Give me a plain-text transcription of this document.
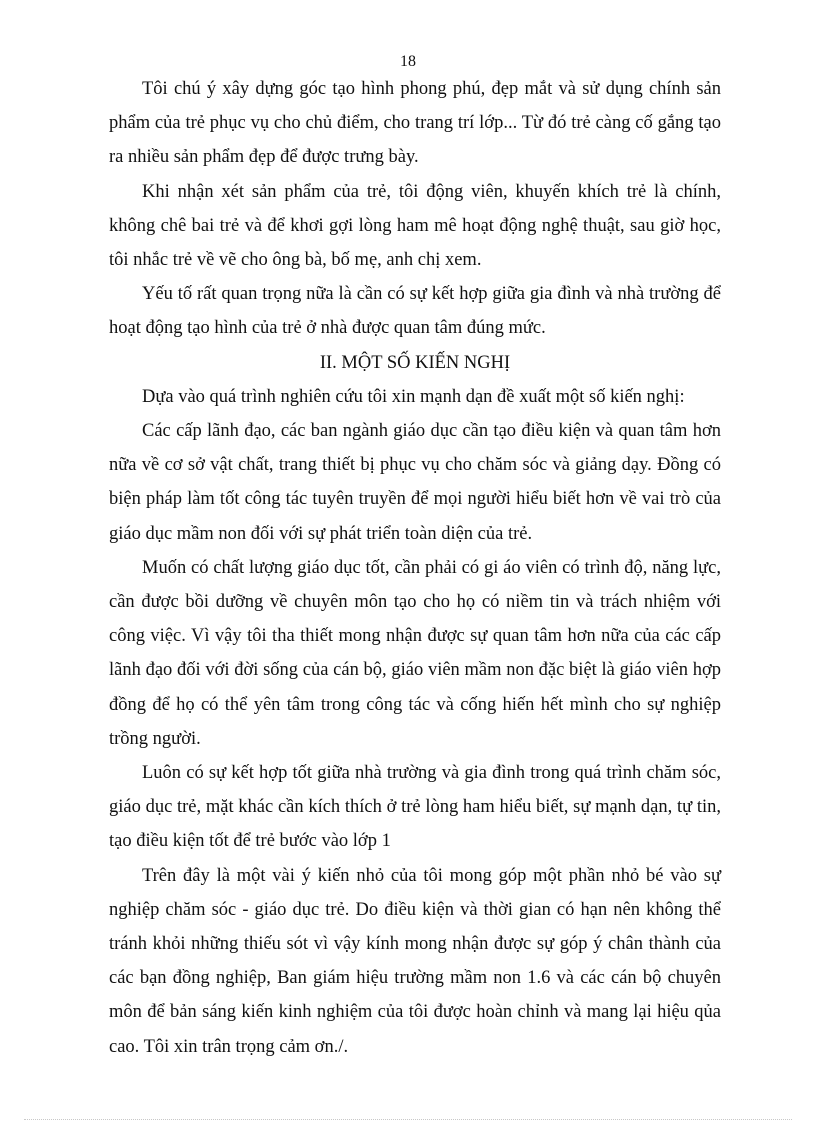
18

Tôi chú ý xây dựng góc tạo hình phong phú, đẹp mắt và sử dụng chính sản phẩm của trẻ phục vụ cho chủ điểm, cho trang trí lớp... Từ đó trẻ càng cố gắng tạo ra nhiều sản phẩm đẹp để được trưng bày.

Khi nhận xét sản phẩm của trẻ, tôi động viên, khuyến khích trẻ là chính, không chê bai trẻ và để khơi gợi lòng ham mê hoạt động nghệ thuật, sau giờ học, tôi nhắc trẻ về vẽ cho ông bà, bố mẹ, anh chị xem.

Yếu tố rất quan trọng nữa là cần có sự kết hợp giữa gia đình và nhà trường để hoạt động tạo hình của trẻ ở nhà được quan tâm đúng mức.

II. MỘT SỐ KIẾN NGHỊ

Dựa vào quá trình nghiên cứu tôi xin mạnh dạn đề xuất một số kiến nghị:

Các cấp lãnh đạo, các ban ngành giáo dục cần tạo điều kiện và quan tâm hơn nữa về cơ sở vật chất, trang thiết bị phục vụ cho chăm sóc và giảng dạy. Đồng có biện pháp làm tốt công tác tuyên truyền để mọi người hiểu biết hơn về vai trò của giáo dục mầm non đối với sự phát triển toàn diện của trẻ.

Muốn có chất lượng giáo dục tốt, cần phải có gi áo viên có trình độ, năng lực, cần được bồi dưỡng về chuyên môn tạo cho họ có niềm tin và trách nhiệm với công việc. Vì vậy tôi tha thiết mong nhận được sự quan tâm hơn nữa của các cấp lãnh đạo đối với đời sống của cán bộ, giáo viên mầm non đặc biệt là giáo viên hợp đồng để họ có thể yên tâm trong công tác và cống hiến hết mình cho sự nghiệp trồng người.

Luôn có sự kết hợp tốt giữa nhà trường và gia đình trong quá trình chăm sóc, giáo dục trẻ, mặt khác cần kích thích ở trẻ lòng ham hiểu biết, sự mạnh dạn, tự tin, tạo điều kiện tốt để trẻ bước vào lớp 1

Trên đây là một vài ý kiến nhỏ của tôi mong góp một phần nhỏ bé vào sự nghiệp chăm sóc - giáo dục trẻ. Do điều kiện và thời gian có hạn nên không thể tránh khỏi những thiếu sót vì vậy kính mong nhận được sự góp ý chân thành của các bạn đồng nghiệp, Ban giám hiệu trường mầm non 1.6 và các cán bộ chuyên môn để bản sáng kiến kinh nghiệm của tôi được hoàn chỉnh và mang lại hiệu qủa cao. Tôi xin trân trọng cảm ơn./.
